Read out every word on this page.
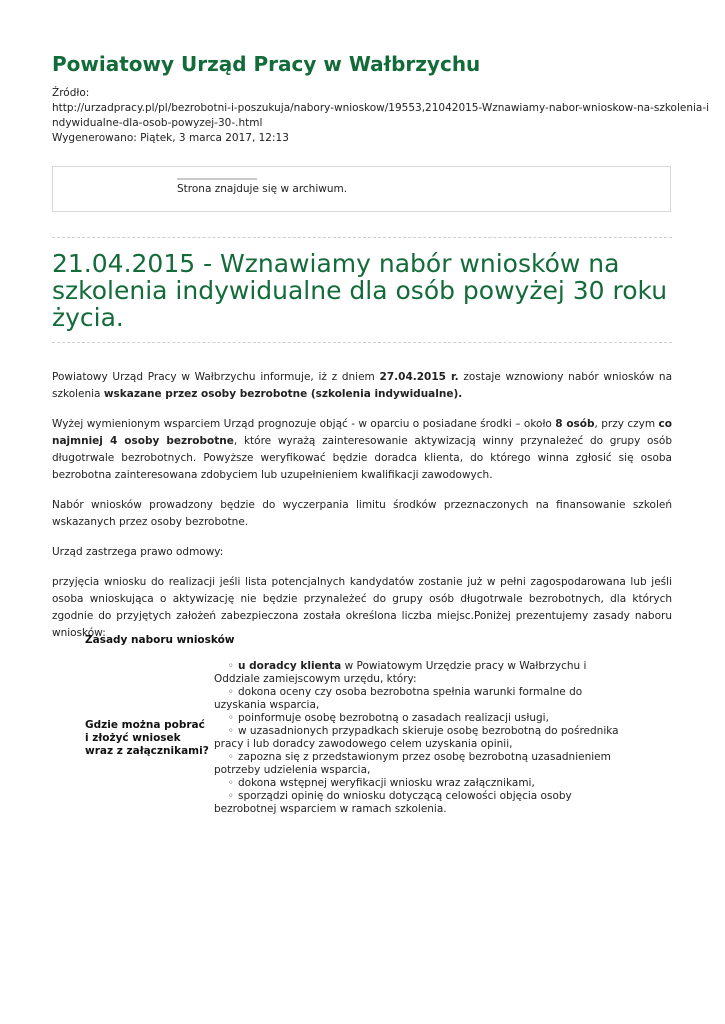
Powiatowy Urząd Pracy w Wałbrzychu
Źródło:
http://urzadpracy.pl/pl/bezrobotni-i-poszukuja/nabory-wnioskow/19553,21042015-Wznawiamy-nabor-wnioskow-na-szkolenia-i
ndywidualne-dla-osob-powyzej-30-.html
Wygenerowano: Piątek, 3 marca 2017, 12:13
Strona znajduje się w archiwum.
21.04.2015 - Wznawiamy nabór wniosków na szkolenia indywidualne dla osób powyżej 30 roku życia.

Powiatowy Urząd Pracy w Wałbrzychu informuje, iż z dniem 27.04.2015 r. zostaje wznowiony nabór wniosków na szkolenia wskazane przez osoby bezrobotne (szkolenia indywidualne).

Wyżej wymienionym wsparciem Urząd prognozuje objąć - w oparciu o posiadane środki – około 8 osób, przy czym co najmniej 4 osoby bezrobotne, które wyrażą zainteresowanie aktywizacją winny przynależeć do grupy osób długotrwale bezrobotnych. Powyższe weryfikować będzie doradca klienta, do którego winna zgłosić się osoba bezrobotna zainteresowana zdobyciem lub uzupełnieniem kwalifikacji zawodowych.

Nabór wniosków prowadzony będzie do wyczerpania limitu środków przeznaczonych na finansowanie szkoleń wskazanych przez osoby bezrobotne.

Urząd zastrzega prawo odmowy:

przyjęcia wniosku do realizacji jeśli lista potencjalnych kandydatów zostanie już w pełni zagospodarowana lub jeśli osoba wnioskująca o aktywizację nie będzie przynależeć do grupy osób długotrwale bezrobotnych, dla których zgodnie do przyjętych założeń zabezpieczona została określona liczba miejsc.Poniżej prezentujemy zasady naboru wniosków:

Zasady naboru wniosków
Gdzie można pobrać i złożyć wniosek wraz z załącznikami?
◦ u doradcy klienta w Powiatowym Urzędzie pracy w Wałbrzychu i Oddziale zamiejscowym urzędu, który:
◦ dokona oceny czy osoba bezrobotna spełnia warunki formalne do uzyskania wsparcia,
◦ poinformuje osobę bezrobotną o zasadach realizacji usługi,
◦ w uzasadnionych przypadkach skieruje osobę bezrobotną do pośrednika pracy i lub doradcy zawodowego celem uzyskania opinii,
◦ zapozna się z przedstawionym przez osobę bezrobotną uzasadnieniem potrzeby udzielenia wsparcia,
◦ dokona wstępnej weryfikacji wniosku wraz załącznikami,
◦ sporządzi opinię do wniosku dotyczącą celowości objęcia osoby bezrobotnej wsparciem w ramach szkolenia.
